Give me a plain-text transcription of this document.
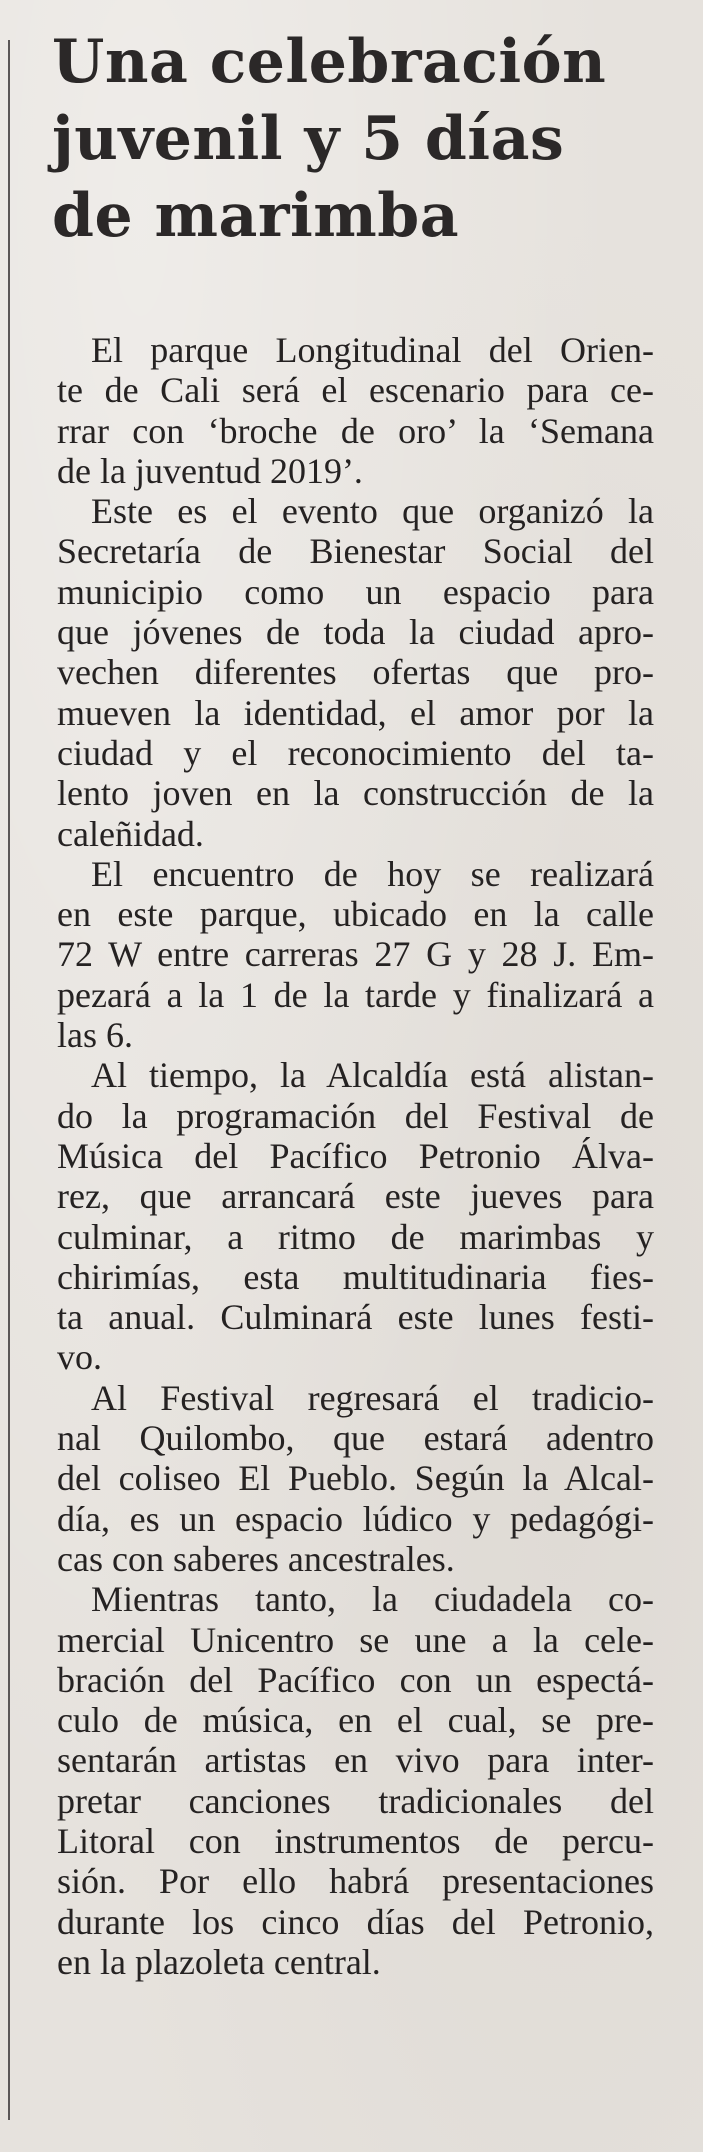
Una celebración
juvenil y 5 días
de marimba
El parque Longitudinal del Orien-
te de Cali será el escenario para ce-
rrar con ‘broche de oro’ la ‘Semana
de la juventud 2019’.
Este es el evento que organizó la
Secretaría de Bienestar Social del
municipio como un espacio para
que jóvenes de toda la ciudad apro-
vechen diferentes ofertas que pro-
mueven la identidad, el amor por la
ciudad y el reconocimiento del ta-
lento joven en la construcción de la
caleñidad.
El encuentro de hoy se realizará
en este parque, ubicado en la calle
72 W entre carreras 27 G y 28 J. Em-
pezará a la 1 de la tarde y finalizará a
las 6.
Al tiempo, la Alcaldía está alistan-
do la programación del Festival de
Música del Pacífico Petronio Álva-
rez, que arrancará este jueves para
culminar, a ritmo de marimbas y
chirimías, esta multitudinaria fies-
ta anual. Culminará este lunes festi-
vo.
Al Festival regresará el tradicio-
nal Quilombo, que estará adentro
del coliseo El Pueblo. Según la Alcal-
día, es un espacio lúdico y pedagógi-
cas con saberes ancestrales.
Mientras tanto, la ciudadela co-
mercial Unicentro se une a la cele-
bración del Pacífico con un espectá-
culo de música, en el cual, se pre-
sentarán artistas en vivo para inter-
pretar canciones tradicionales del
Litoral con instrumentos de percu-
sión. Por ello habrá presentaciones
durante los cinco días del Petronio,
en la plazoleta central.
